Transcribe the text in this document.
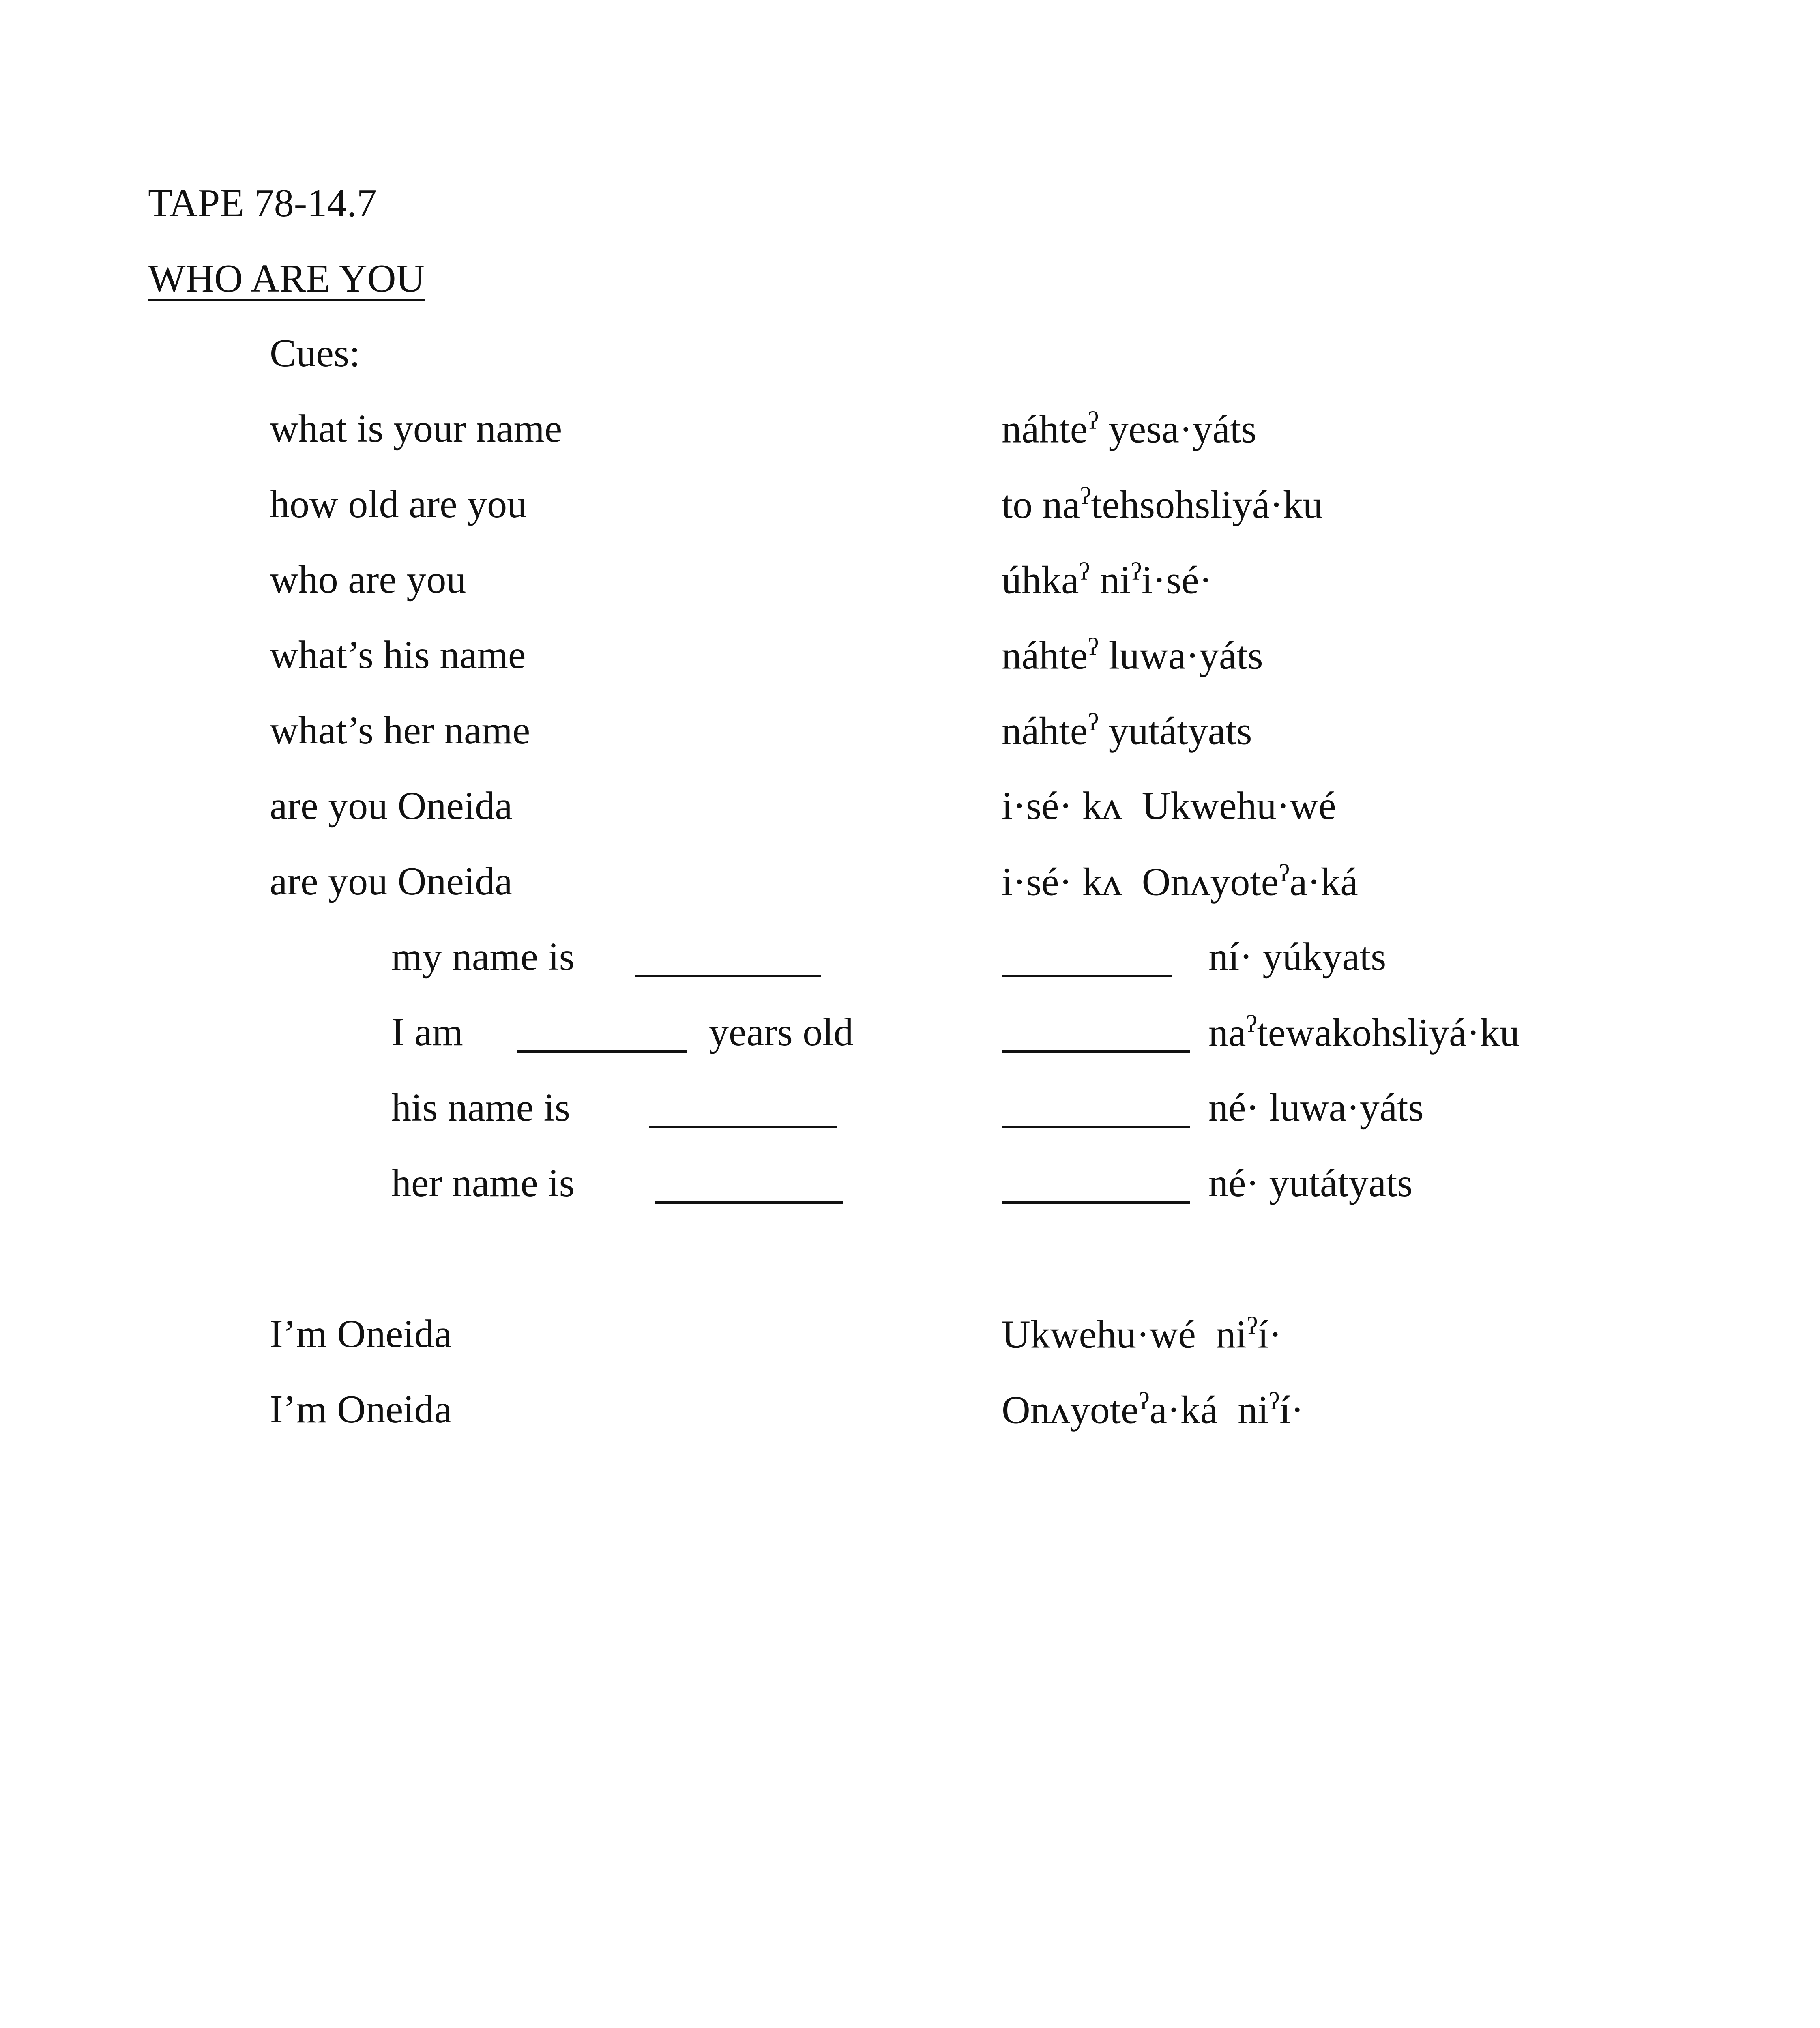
TAPE 78-14.7
WHO ARE YOU
Cues:
what is your name	náhte$^ʔ$ yesa·yáts
how old are you	to $na^ʔtehsohsliyá\cdot ku$
who are you	úhka$^ʔ$ $ni^ʔi\cdot sé\cdot$
what’s his name	náhte$^ʔ$ luwa·yáts
what’s her name	náhte$^ʔ$ yutátyats
are you Oneida	i·sé· kʌ  Ukwehu·wé
are you Oneida	i·sé· kʌ  Onʌyote$^ʔ$a·ká
my name is	ní· yúkyats
I am	years old	$na^ʔtewakohsliyá\cdot ku$
his name is	né· luwa·yáts
her name is	né· yutátyats
I’m Oneida	Ukwehu·wé  $ni^ʔí\cdot$
I’m Oneida	Onʌyote$^ʔ$a·ká  $ni^ʔí\cdot$
